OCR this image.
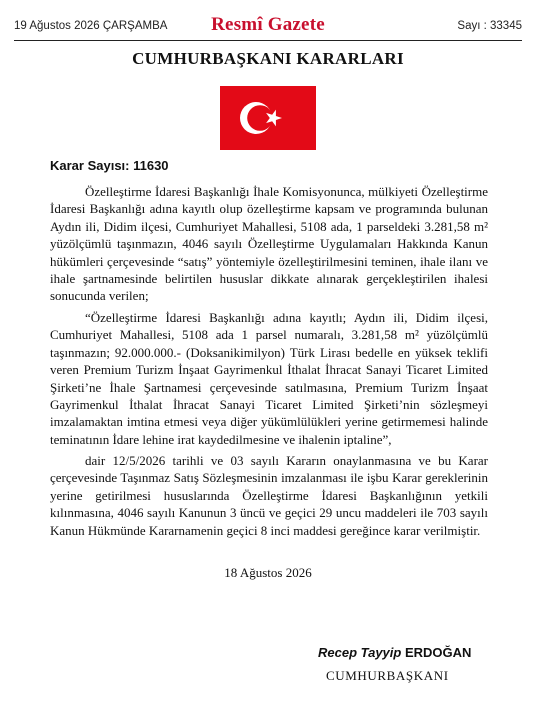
19 Ağustos 2026 ÇARŞAMBA	Resmî Gazete	Sayı : 33345
CUMHURBAŞKANI KARARLARI
Karar Sayısı: 11630

Özelleştirme İdaresi Başkanlığı İhale Komisyonunca, mülkiyeti Özelleştirme İdaresi Başkanlığı adına kayıtlı olup özelleştirme kapsam ve programında bulunan Aydın ili, Didim ilçesi, Cumhuriyet Mahallesi, 5108 ada, 1 parseldeki 3.281,58 m² yüzölçümlü taşınmazın, 4046 sayılı Özelleştirme Uygulamaları Hakkında Kanun hükümleri çerçevesinde “satış” yöntemiyle özelleştirilmesini teminen, ihale ilanı ve ihale şartnamesinde belirtilen hususlar dikkate alınarak gerçekleştirilen ihalesi sonucunda verilen;

“Özelleştirme İdaresi Başkanlığı adına kayıtlı; Aydın ili, Didim ilçesi, Cumhuriyet Mahallesi, 5108 ada 1 parsel numaralı, 3.281,58 m² yüzölçümlü taşınmazın; 92.000.000.- (Doksanikimilyon) Türk Lirası bedelle en yüksek teklifi veren Premium Turizm İnşaat Gayrimenkul İthalat İhracat Sanayi Ticaret Limited Şirketi’ne İhale Şartnamesi çerçevesinde satılmasına, Premium Turizm İnşaat Gayrimenkul İthalat İhracat Sanayi Ticaret Limited Şirketi’nin sözleşmeyi imzalamaktan imtina etmesi veya diğer yükümlülükleri yerine getirmemesi halinde teminatının İdare lehine irat kaydedilmesine ve ihalenin iptaline”,

dair 12/5/2026 tarihli ve 03 sayılı Kararın onaylanmasına ve bu Karar çerçevesinde Taşınmaz Satış Sözleşmesinin imzalanması ile işbu Karar gereklerinin yerine getirilmesi hususlarında Özelleştirme İdaresi Başkanlığının yetkili kılınmasına, 4046 sayılı Kanunun 3 üncü ve geçici 29 uncu maddeleri ile 703 sayılı Kanun Hükmünde Kararnamenin geçici 8 inci maddesi gereğince karar verilmiştir.

18 Ağustos 2026
Recep Tayyip ERDOĞAN
CUMHURBAŞKANI
